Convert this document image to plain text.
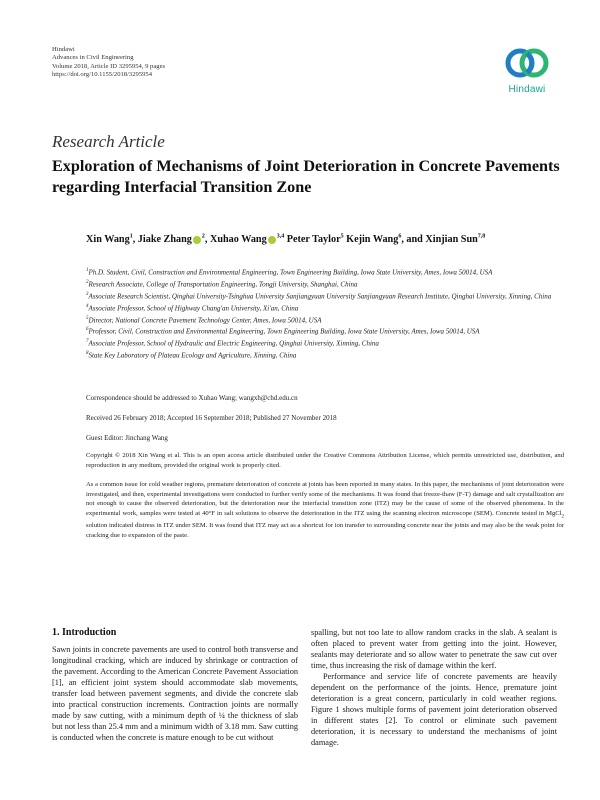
Hindawi
Advances in Civil Engineering
Volume 2018, Article ID 3295954, 9 pages
https://doi.org/10.1155/2018/3295954
Hindawi
Research Article
Exploration of Mechanisms of Joint Deterioration in Concrete Pavements regarding Interfacial Transition Zone
Xin Wang$^1$, Jiake Zhang $^2$, Xuhao Wang $^{3,4}$ Peter Taylor$^5$ Kejin Wang$^6$, and Xinjian Sun$^{7,8}$
$^1$Ph.D. Student, Civil, Construction and Environmental Engineering, Town Engineering Building, Iowa State University, Ames, Iowa 50014, USA
$^2$Research Associate, College of Transportation Engineering, Tongji University, Shanghai, China
$^3$Associate Research Scientist, Qinghai University-Tsinghua University Sanjiangyuan University Sanjiangyuan Research Institute, Qinghai University, Xinning, China
$^4$Associate Professor, School of Highway Chang'an University, Xi'an, China
$^5$Director, National Concrete Pavement Technology Center, Ames, Iowa 50014, USA
$^6$Professor, Civil, Construction and Environmental Engineering, Town Engineering Building, Iowa State University, Ames, Iowa 50014, USA
$^7$Associate Professor, School of Hydraulic and Electric Engineering, Qinghai University, Xinning, China
$^8$State Key Laboratory of Plateau Ecology and Agriculture, Xinning, China
Correspondence should be addressed to Xuhao Wang; wangxh@chd.edu.cn
Received 26 February 2018; Accepted 16 September 2018; Published 27 November 2018
Guest Editor: Jinchang Wang
Copyright © 2018 Xin Wang et al. This is an open access article distributed under the Creative Commons Attribution License, which permits unrestricted use, distribution, and reproduction in any medium, provided the original work is properly cited.
As a common issue for cold weather regions, premature deterioration of concrete at joints has been reported in many states. In this paper, the mechanisms of joint deterioration were investigated, and then, experimental investigations were conducted to further verify some of the mechanisms. It was found that freeze-thaw (F-T) damage and salt crystallization are not enough to cause the observed deterioration, but the deterioration near the interfacial transition zone (ITZ) may be the cause of some of the observed phenomena. In the experimental work, samples were tested at 40°F in salt solutions to observe the deterioration in the ITZ using the scanning electron microscope (SEM). Concrete tested in MgCl$_2$ solution indicated distress in ITZ under SEM. It was found that ITZ may act as a shortcut for ion transfer to surrounding concrete near the joints and may also be the weak point for cracking due to expansion of the paste.
1. Introduction

Sawn joints in concrete pavements are used to control both transverse and longitudinal cracking, which are induced by shrinkage or contraction of the pavement. According to the American Concrete Pavement Association [1], an efficient joint system should accommodate slab movements, transfer load between pavement segments, and divide the concrete slab into practical construction increments. Contraction joints are normally made by saw cutting, with a minimum depth of ¼ the thickness of slab but not less than 25.4 mm and a minimum width of 3.18 mm. Saw cutting is conducted when the concrete is mature enough to be cut without

spalling, but not too late to allow random cracks in the slab. A sealant is often placed to prevent water from getting into the joint. However, sealants may deteriorate and so allow water to penetrate the saw cut over time, thus increasing the risk of damage within the kerf.

Performance and service life of concrete pavements are heavily dependent on the performance of the joints. Hence, premature joint deterioration is a great concern, particularly in cold weather regions. Figure 1 shows multiple forms of pavement joint deterioration observed in different states [2]. To control or eliminate such pavement deterioration, it is necessary to understand the mechanisms of joint damage.
